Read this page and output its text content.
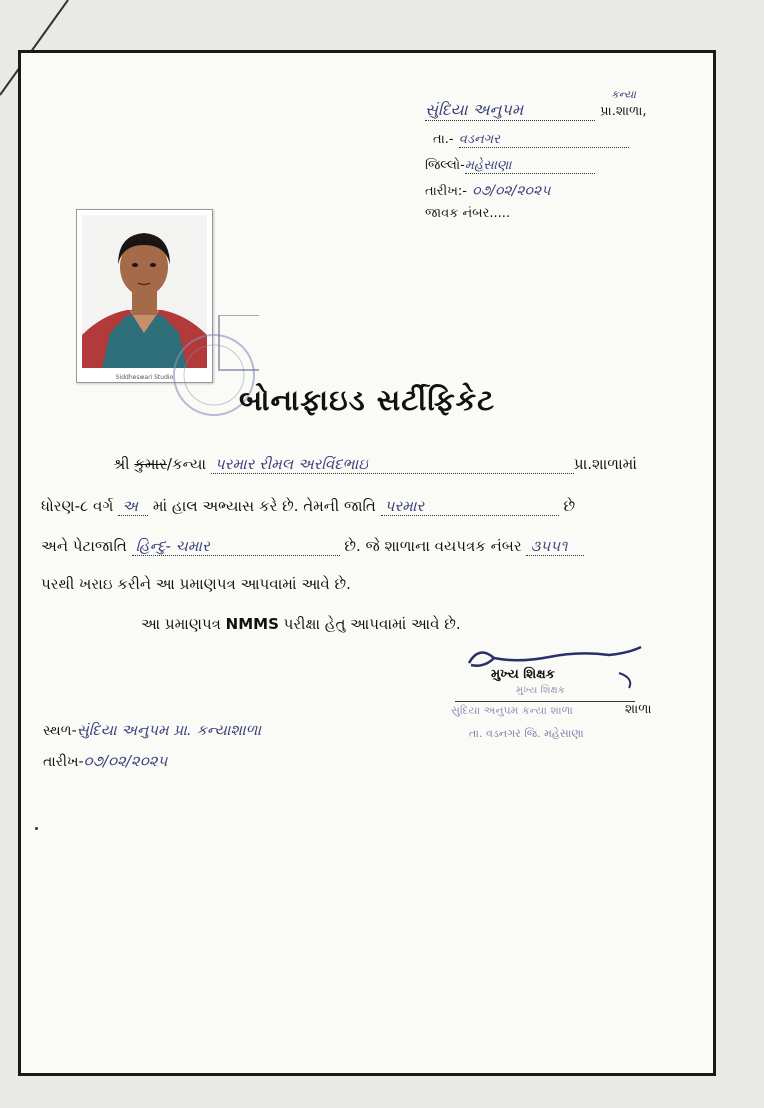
કન્યા
સુંદિયા અનુપમ	પ્રા.શાળા,
તા.- વડનગર
જિલ્લો-મહેસાણા
તારીખ:- ૦૭/૦૨/૨૦૨૫
જાવક નંબર.....
Siddheswari Studio
બોનાફાઇડ સર્ટીફિકેટ
શ્રી કુમાર/કન્યા પરમાર રીમલ અરવિંદભાઇ	પ્રા.શાળામાં
ધોરણ-૮ વર્ગ અ માં હાલ અભ્યાસ કરે છે. તેમની જાતિ પરમાર	છે
અને પેટાજાતિ હિન્દુ- ચમાર	છે. જે શાળાના વયપત્રક નંબર ૩૫૫૧
પરથી ખરાઇ કરીને આ પ્રમાણપત્ર આપવામાં આવે છે.
આ પ્રમાણપત્ર NMMS પરીક્ષા હેતુ આપવામાં આવે છે.
મુખ્ય શિક્ષક
મુખ્ય શિક્ષક
સુંદિયા અનુપમ કન્યા શાળા	શાળા
તા. વડનગર જિ. મહેસાણા
સ્થળ-સુંદિયા અનુપમ પ્રા. કન્યાશાળા
તારીખ-૦૭/૦૨/૨૦૨૫
